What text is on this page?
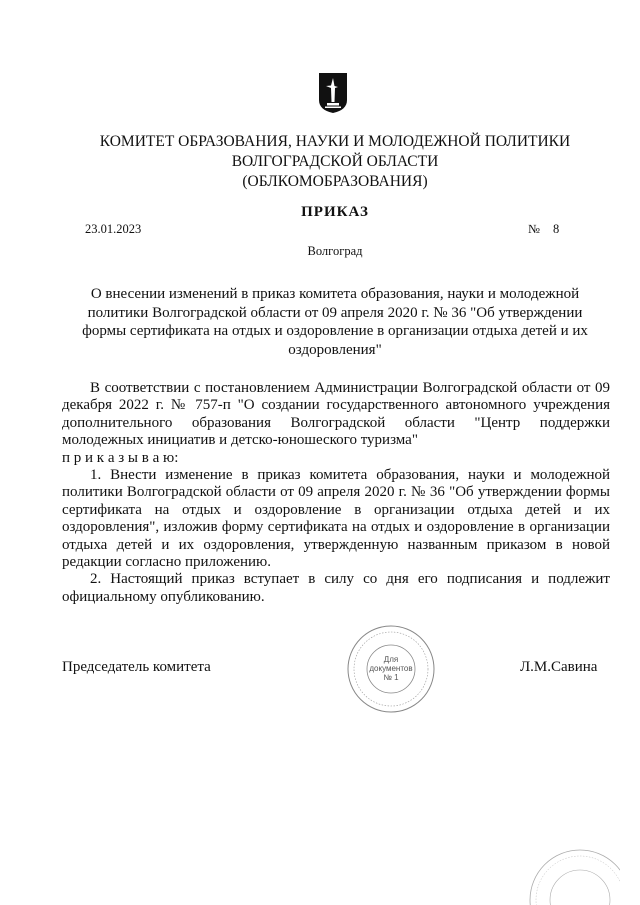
КОМИТЕТ ОБРАЗОВАНИЯ, НАУКИ И МОЛОДЕЖНОЙ ПОЛИТИКИ
ВОЛГОГРАДСКОЙ ОБЛАСТИ
(ОБЛКОМОБРАЗОВАНИЯ)
ПРИКАЗ
23.01.2023	№ 8
Волгоград
О внесении изменений в приказ комитета образования, науки и молодежной политики Волгоградской области от 09 апреля 2020 г. № 36 "Об утверждении формы сертификата на отдых и оздоровление в организации отдыха детей и их оздоровления"

В соответствии с постановлением Администрации Волгоградской области от 09 декабря 2022 г. № 757-п "О создании государственного автономного учреждения дополнительного образования Волгоградской области "Центр поддержки молодежных инициатив и детско-юношеского туризма"

п р и к а з ы в а ю:

1. Внести изменение в приказ комитета образования, науки и молодежной политики Волгоградской области от 09 апреля 2020 г. № 36 "Об утверждении формы сертификата на отдых и оздоровление в организации отдыха детей и их оздоровления", изложив форму сертификата на отдых и оздоровление в организации отдыха детей и их оздоровления, утвержденную названным приказом в новой редакции согласно приложению.

2. Настоящий приказ вступает в силу со дня его подписания и подлежит официальному опубликованию.

Председатель комитета	Л.М.Савина
Для
документов
№ 1
